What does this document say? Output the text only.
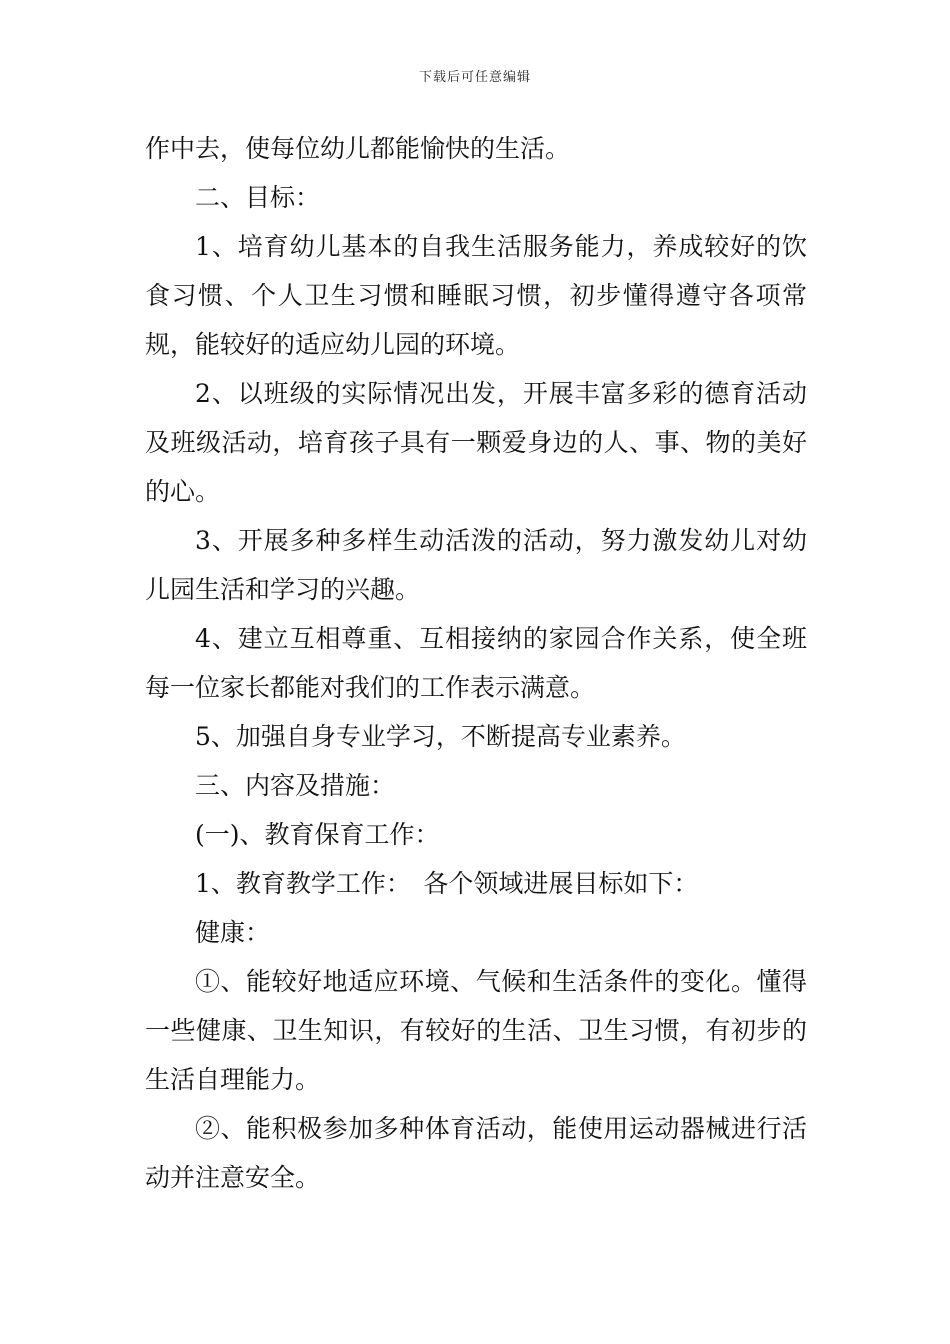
下载后可任意编辑

作中去，使每位幼儿都能愉快的生活。

二、目标：

1、培育幼儿基本的自我生活服务能力，养成较好的饮食习惯、个人卫生习惯和睡眠习惯，初步懂得遵守各项常规，能较好的适应幼儿园的环境。

2、以班级的实际情况出发，开展丰富多彩的德育活动及班级活动，培育孩子具有一颗爱身边的人、事、物的美好的心。

3、开展多种多样生动活泼的活动，努力激发幼儿对幼儿园生活和学习的兴趣。

4、建立互相尊重、互相接纳的家园合作关系，使全班每一位家长都能对我们的工作表示满意。

5、加强自身专业学习，不断提高专业素养。

三、内容及措施：

(一)、教育保育工作：

1、教育教学工作：　各个领域进展目标如下：

健康：

①、能较好地适应环境、气候和生活条件的变化。懂得一些健康、卫生知识，有较好的生活、卫生习惯，有初步的生活自理能力。

②、能积极参加多种体育活动，能使用运动器械进行活动并注意安全。
